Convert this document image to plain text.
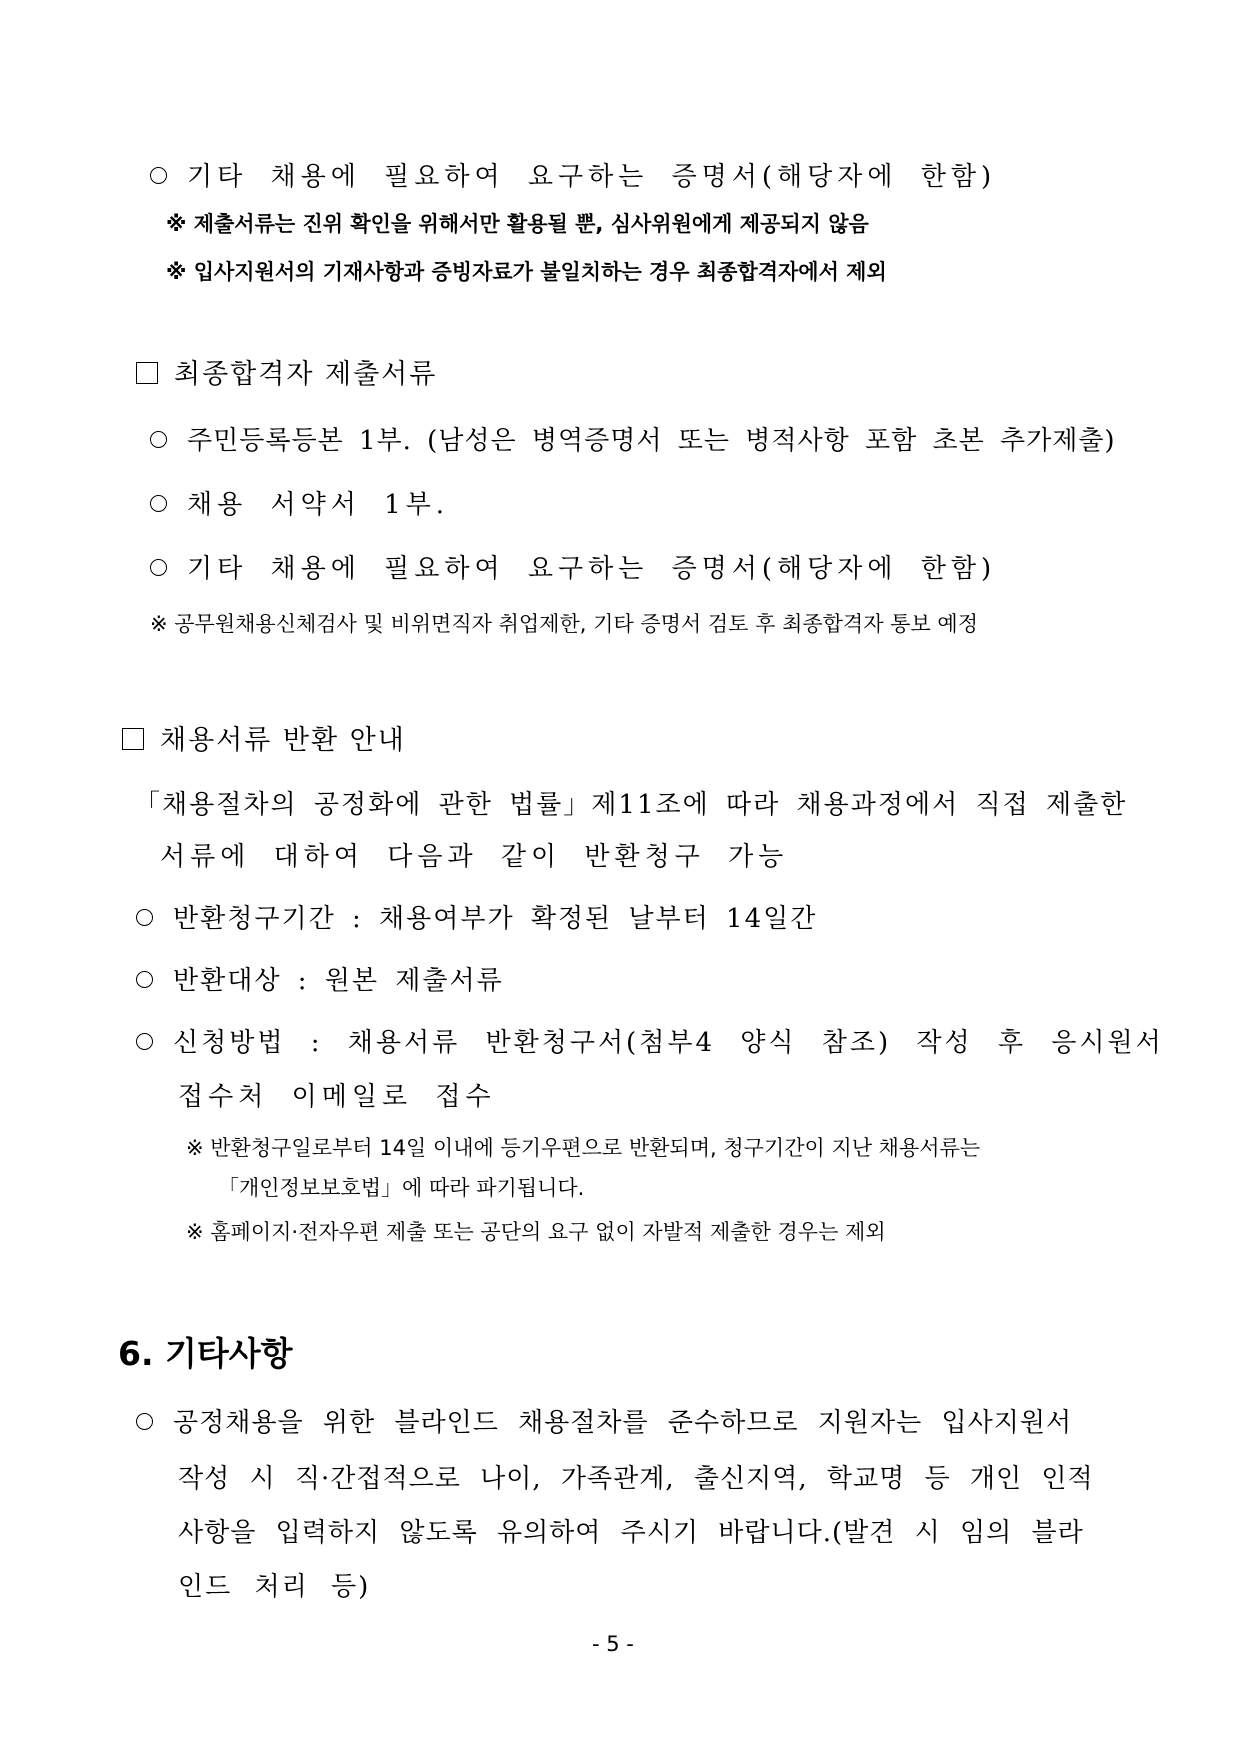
기타 채용에 필요하여 요구하는 증명서(해당자에 한함)
※ 제출서류는 진위 확인을 위해서만 활용될 뿐, 심사위원에게 제공되지 않음
※ 입사지원서의 기재사항과 증빙자료가 불일치하는 경우 최종합격자에서 제외
최종합격자 제출서류
주민등록등본 1부. (남성은 병역증명서 또는 병적사항 포함 초본 추가제출)
채용 서약서 1부.
기타 채용에 필요하여 요구하는 증명서(해당자에 한함)
※ 공무원채용신체검사 및 비위면직자 취업제한, 기타 증명서 검토 후 최종합격자 통보 예정
채용서류 반환 안내
「채용절차의 공정화에 관한 법률」제11조에 따라 채용과정에서 직접 제출한
서류에 대하여 다음과 같이 반환청구 가능
반환청구기간 : 채용여부가 확정된 날부터 14일간
반환대상 : 원본 제출서류
신청방법 : 채용서류 반환청구서(첨부4 양식 참조) 작성 후 응시원서
접수처 이메일로 접수
※ 반환청구일로부터 14일 이내에 등기우편으로 반환되며, 청구기간이 지난 채용서류는
「개인정보보호법」에 따라 파기됩니다.
※ 홈페이지·전자우편 제출 또는 공단의 요구 없이 자발적 제출한 경우는 제외
6. 기타사항
공정채용을 위한 블라인드 채용절차를 준수하므로 지원자는 입사지원서
작성 시 직·간접적으로 나이, 가족관계, 출신지역, 학교명 등 개인 인적
사항을 입력하지 않도록 유의하여 주시기 바랍니다.(발견 시 임의 블라
인드 처리 등)
- 5 -
